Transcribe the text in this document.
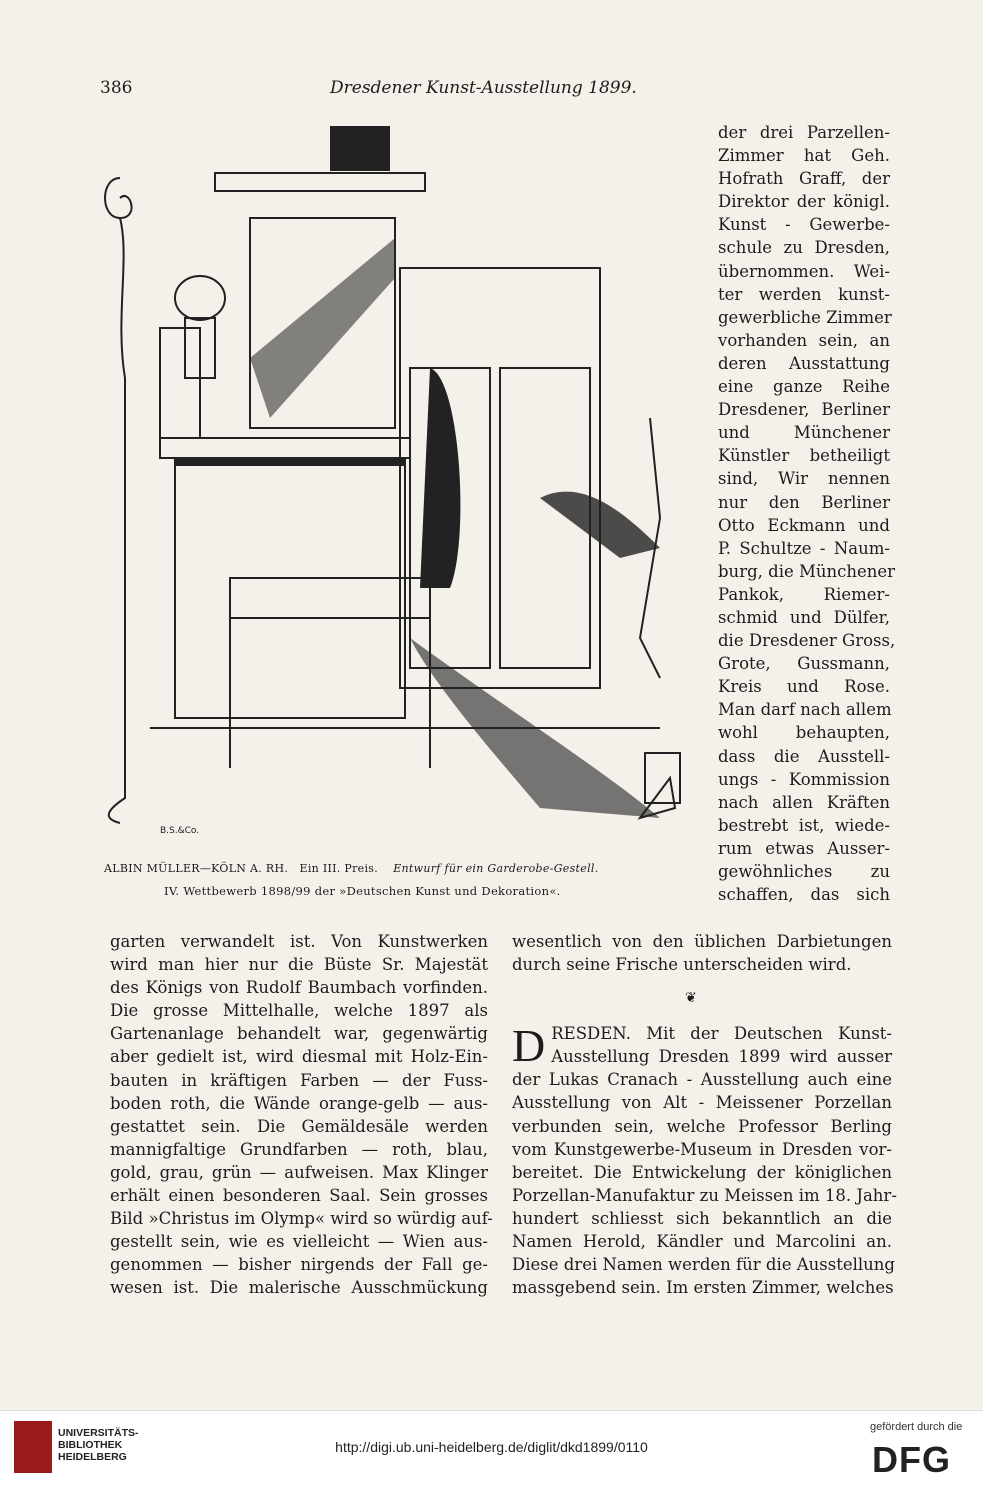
386	Dresdener Kunst-Ausstellung 1899.
B.S.&Co.
ALBIN MÜLLER—KÖLN A. RH. Ein III. Preis. Entwurf für ein Garderobe-Gestell.
IV. Wettbewerb 1898/99 der »Deutschen Kunst und Dekoration«.
der drei Parzellen-
Zimmer hat Geh.
Hofrath Graff, der
Direktor der königl.
Kunst - Gewerbe-
schule zu Dresden,
übernommen. Wei-
ter werden kunst-
gewerbliche Zimmer
vorhanden sein, an
deren Ausstattung
eine ganze Reihe
Dresdener, Berliner
und Münchener
Künstler betheiligt
sind, Wir nennen
nur den Berliner
Otto Eckmann und
P. Schultze - Naum-
burg, die Münchener
Pankok, Riemer-
schmid und Dülfer,
die Dresdener Gross,
Grote, Gussmann,
Kreis und Rose.
Man darf nach allem
wohl behaupten,
dass die Ausstell-
ungs - Kommission
nach allen Kräften
bestrebt ist, wiede-
rum etwas Ausser-
gewöhnliches zu
schaffen, das sich
garten verwandelt ist. Von Kunstwerken
wird man hier nur die Büste Sr. Majestät
des Königs von Rudolf Baumbach vorfinden.
Die grosse Mittelhalle, welche 1897 als
Gartenanlage behandelt war, gegenwärtig
aber gedielt ist, wird diesmal mit Holz-Ein-
bauten in kräftigen Farben — der Fuss-
boden roth, die Wände orange-gelb — aus-
gestattet sein. Die Gemäldesäle werden
mannigfaltige Grundfarben — roth, blau,
gold, grau, grün — aufweisen. Max Klinger
erhält einen besonderen Saal. Sein grosses
Bild »Christus im Olymp« wird so würdig auf-
gestellt sein, wie es vielleicht — Wien aus-
genommen — bisher nirgends der Fall ge-
wesen ist. Die malerische Ausschmückung
wesentlich von den üblichen Darbietungen
durch seine Frische unterscheiden wird.
D RESDEN. Mit der Deutschen Kunst-
Ausstellung Dresden 1899 wird ausser
der Lukas Cranach - Ausstellung auch eine
Ausstellung von Alt - Meissener Porzellan
verbunden sein, welche Professor Berling
vom Kunstgewerbe-Museum in Dresden vor-
bereitet. Die Entwickelung der königlichen
Porzellan-Manufaktur zu Meissen im 18. Jahr-
hundert schliesst sich bekanntlich an die
Namen Herold, Kändler und Marcolini an.
Diese drei Namen werden für die Ausstellung
massgebend sein. Im ersten Zimmer, welches
❦
UNIVERSITÄTS-
BIBLIOTHEK
HEIDELBERG
http://digi.ub.uni-heidelberg.de/diglit/dkd1899/0110
gefördert durch die
DFG
